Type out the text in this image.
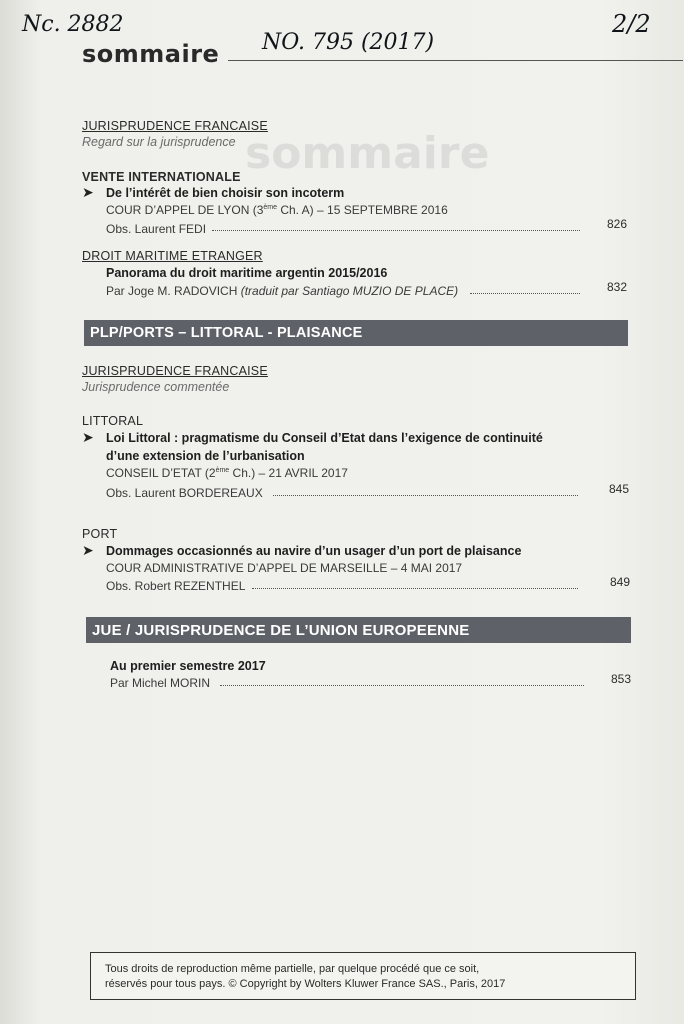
sommaire
Nc. 2882
NO. 795 (2017)
2/2
sommaire
JURISPRUDENCE FRANCAISE
Regard sur la jurisprudence
VENTE INTERNATIONALE
➤ De l’intérêt de bien choisir son incoterm
COUR D’APPEL DE LYON (3ème Ch. A) – 15 SEPTEMBRE 2016
Obs. Laurent FEDI	826
DROIT MARITIME ETRANGER
Panorama du droit maritime argentin 2015/2016
Par Joge M. RADOVICH (traduit par Santiago MUZIO DE PLACE)	832
PLP/PORTS – LITTORAL - PLAISANCE
JURISPRUDENCE FRANCAISE
Jurisprudence commentée
LITTORAL
➤ Loi Littoral : pragmatisme du Conseil d’Etat dans l’exigence de continuité
d’une extension de l’urbanisation
CONSEIL D’ETAT (2ème Ch.) – 21 AVRIL 2017
Obs. Laurent BORDEREAUX	845
PORT
➤ Dommages occasionnés au navire d’un usager d’un port de plaisance
COUR ADMINISTRATIVE D’APPEL DE MARSEILLE – 4 MAI 2017
Obs. Robert REZENTHEL	849
JUE / JURISPRUDENCE DE L’UNION EUROPEENNE
Au premier semestre 2017
Par Michel MORIN	853
Tous droits de reproduction même partielle, par quelque procédé que ce soit,
réservés pour tous pays. © Copyright by Wolters Kluwer France SAS., Paris, 2017
